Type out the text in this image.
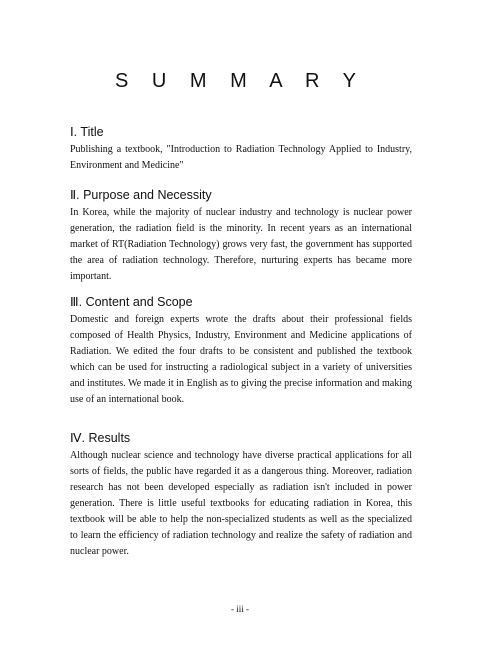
S U M M A R Y
Ⅰ. Title

Publishing a textbook, "Introduction to Radiation Technology Applied to Industry, Environment and Medicine"

Ⅱ. Purpose and Necessity

In Korea, while the majority of nuclear industry and technology is nuclear power generation, the radiation field is the minority. In recent years as an international market of RT(Radiation Technology) grows very fast, the government has supported the area of radiation technology. Therefore, nurturing experts has became more important.

Ⅲ. Content and Scope

Domestic and foreign experts wrote the drafts about their professional fields composed of Health Physics, Industry, Environment and Medicine applications of Radiation. We edited the four drafts to be consistent and published the textbook which can be used for instructing a radiological subject in a variety of universities and institutes. We made it in English as to giving the precise information and making use of an international book.

Ⅳ. Results

Although nuclear science and technology have diverse practical applications for all sorts of fields, the public have regarded it as a dangerous thing. Moreover, radiation research has not been developed especially as radiation isn't included in power generation. There is little useful textbooks for educating radiation in Korea, this textbook will be able to help the non-specialized students as well as the specialized to learn the efficiency of radiation technology and realize the safety of radiation and nuclear power.

- iii -
